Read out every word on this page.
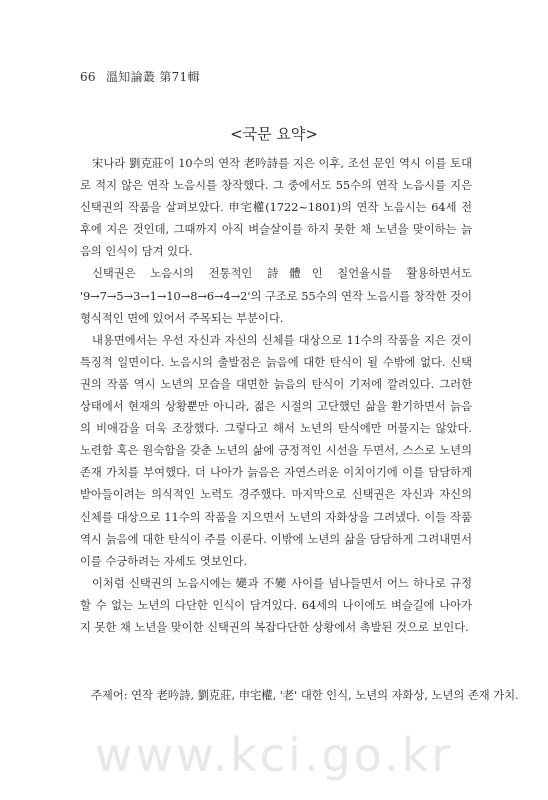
66 溫知論叢 第71輯
<국문 요약>

宋나라 劉克莊이 10수의 연작 老吟詩를 지은 이후, 조선 문인 역시 이를 토대로 적지 않은 연작 노음시를 창작했다. 그 중에서도 55수의 연작 노음시를 지은 신택권의 작품을 살펴보았다. 申宅權(1722~1801)의 연작 노음시는 64세 전후에 지은 것인데, 그때까지 아직 벼슬살이를 하지 못한 채 노년을 맞이하는 늙음의 인식이 담겨 있다.

신택권은 노음시의 전통적인 詩體인 칠언율시를 활용하면서도 '9→7→5→3→1→10→8→6→4→2'의 구조로 55수의 연작 노음시를 창작한 것이 형식적인 면에 있어서 주목되는 부분이다.

내용면에서는 우선 자신과 자신의 신체를 대상으로 11수의 작품을 지은 것이 특징적 일면이다. 노음시의 출발점은 늙음에 대한 탄식이 될 수밖에 없다. 신택권의 작품 역시 노년의 모습을 대면한 늙음의 탄식이 기저에 깔려있다. 그러한 상태에서 현재의 상황뿐만 아니라, 젊은 시절의 고단했던 삶을 환기하면서 늙음의 비애감을 더욱 조장했다. 그렇다고 해서 노년의 탄식에만 머물지는 않았다. 노련함 혹은 원숙함을 갖춘 노년의 삶에 긍정적인 시선을 두면서, 스스로 노년의 존재 가치를 부여했다. 더 나아가 늙음은 자연스러운 이치이기에 이를 담담하게 받아들이려는 의식적인 노력도 경주했다. 마지막으로 신택권은 자신과 자신의 신체를 대상으로 11수의 작품을 지으면서 노년의 자화상을 그려냈다. 이들 작품 역시 늙음에 대한 탄식이 주를 이룬다. 이밖에 노년의 삶을 담담하게 그려내면서 이를 수긍하려는 자세도 엿보인다.

이처럼 신택권의 노음시에는 變과 不變 사이를 넘나들면서 어느 하나로 규정할 수 없는 노년의 다단한 인식이 담겨있다. 64세의 나이에도 벼슬길에 나아가지 못한 채 노년을 맞이한 신택권의 복잡다단한 상황에서 촉발된 것으로 보인다.

주제어: 연작 老吟詩, 劉克莊, 申宅權, '老' 대한 인식, 노년의 자화상, 노년의 존재 가치.
www.kci.go.kr
